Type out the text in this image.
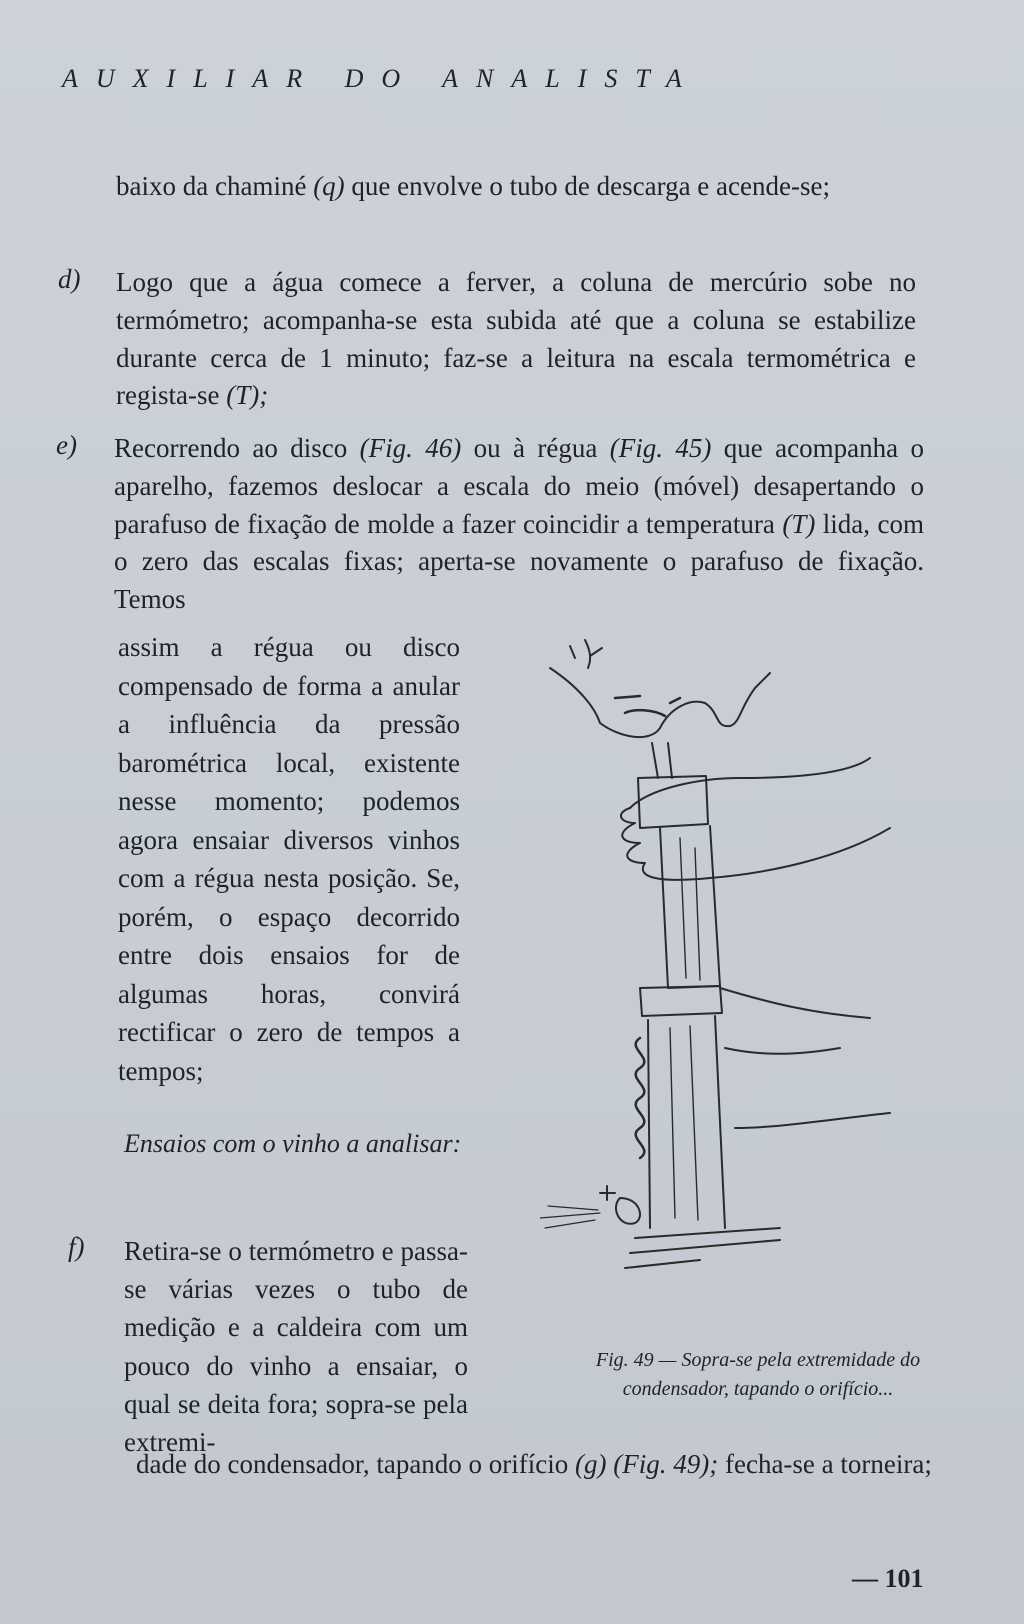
AUXILIAR DO ANALISTA

baixo da chaminé (q) que envolve o tubo de descarga e acende-se;

d) Logo que a água comece a ferver, a coluna de mercúrio sobe no termómetro; acompanha-se esta subida até que a coluna se estabilize durante cerca de 1 minuto; faz-se a leitura na escala termométrica e regista-se (T);

e) Recorrendo ao disco (Fig. 46) ou à régua (Fig. 45) que acompanha o aparelho, fazemos deslocar a escala do meio (móvel) desapertando o parafuso de fixação de molde a fazer coincidir a temperatura (T) lida, com o zero das escalas fixas; aperta-se novamente o parafuso de fixação. Temos

assim a régua ou disco compensado de forma a anular a influência da pressão barométrica local, existente nesse momento; podemos agora ensaiar diversos vinhos com a régua nesta posição. Se, porém, o espaço decorrido entre dois ensaios for de algumas horas, convirá rectificar o zero de tempos a tempos;

Ensaios com o vinho a analisar:

f) Retira-se o termómetro e passa-se várias vezes o tubo de medição e a caldeira com um pouco do vinho a ensaiar, o qual se deita fora; sopra-se pela extremi-

dade do condensador, tapando o orifício (g) (Fig. 49); fecha-se a torneira;

Fig. 49 — Sopra-se pela extremidade do condensador, tapando o orifício...
— 101
